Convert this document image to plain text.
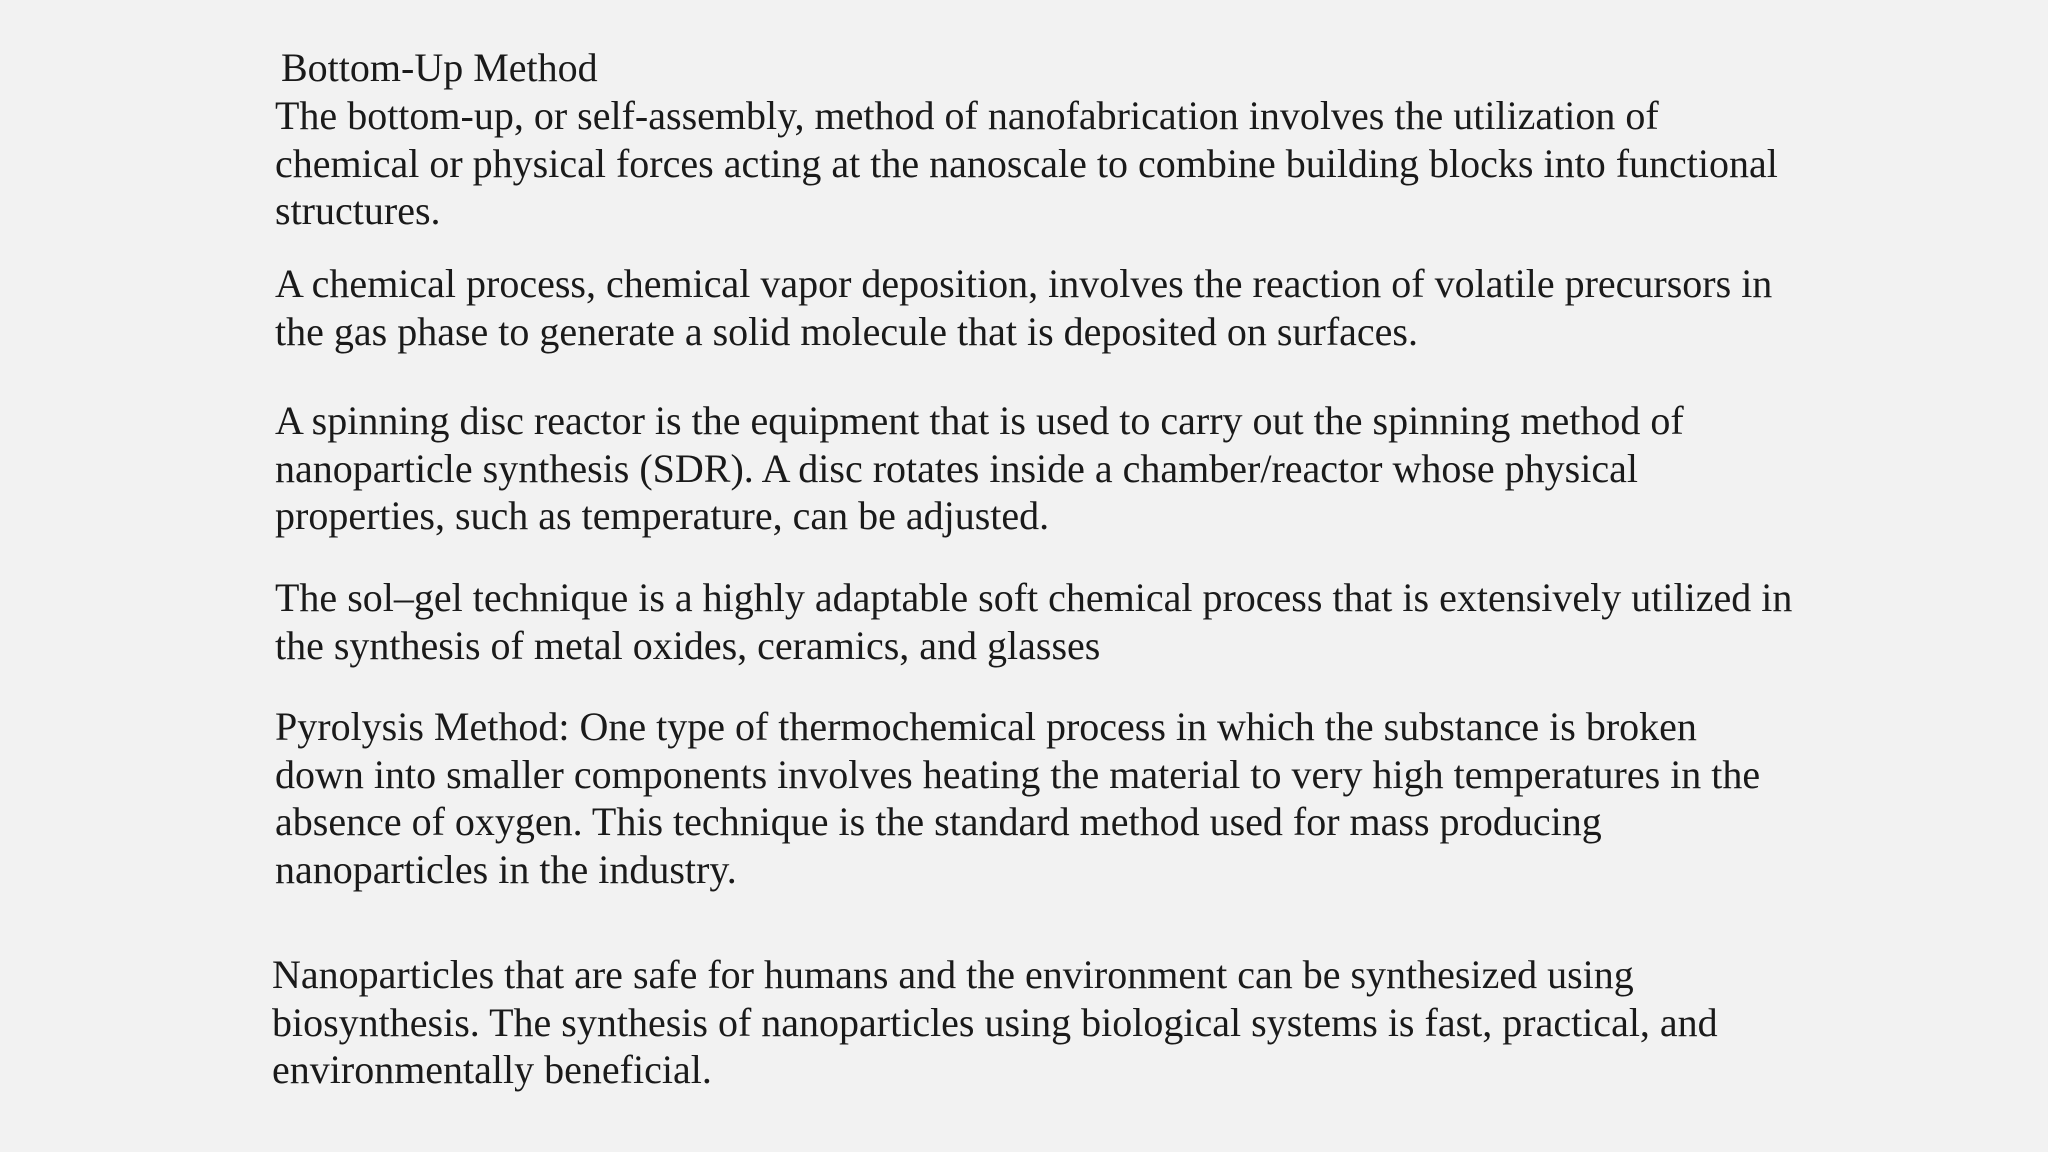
Bottom-Up Method

The bottom-up, or self-assembly, method of nanofabrication involves the utilization of chemical or physical forces acting at the nanoscale to combine building blocks into functional structures.

A chemical process, chemical vapor deposition, involves the reaction of volatile precursors in the gas phase to generate a solid molecule that is deposited on surfaces.

A spinning disc reactor is the equipment that is used to carry out the spinning method of nanoparticle synthesis (SDR). A disc rotates inside a chamber/reactor whose physical properties, such as temperature, can be adjusted.

The sol–gel technique is a highly adaptable soft chemical process that is extensively utilized in the synthesis of metal oxides, ceramics, and glasses

Pyrolysis Method: One type of thermochemical process in which the substance is broken down into smaller components involves heating the material to very high temperatures in the absence of oxygen. This technique is the standard method used for mass producing nanoparticles in the industry.

Nanoparticles that are safe for humans and the environment can be synthesized using biosynthesis. The synthesis of nanoparticles using biological systems is fast, practical, and environmentally beneficial.
